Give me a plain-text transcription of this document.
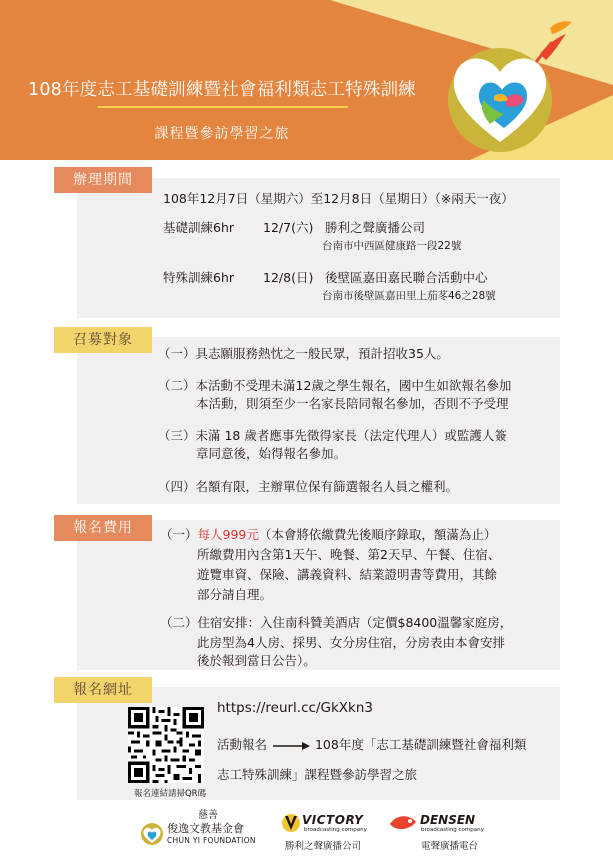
108年度志工基礎訓練暨社會福利類志工特殊訓練
課程暨參訪學習之旅
辦理期間
108年12月7日（星期六）至12月8日（星期日）（※兩天一夜）
基礎訓練6hr 12/7(六) 勝利之聲廣播公司
台南市中西區健康路一段22號
特殊訓練6hr 12/8(日) 後壁區嘉田嘉民聯合活動中心
台南市後壁區嘉田里上茄苳46之28號
召募對象
（一）具志願服務熱忱之一般民眾，預計招收35人。
（二）本活動不受理未滿12歲之學生報名，國中生如欲報名參加
本活動，則須至少一名家長陪同報名參加，否則不予受理
（三）未滿 18 歲者應事先徵得家長（法定代理人）或監護人簽
章同意後，始得報名參加。
（四）名額有限，主辦單位保有篩選報名人員之權利。
報名費用	（一）每人999元（本會將依繳費先後順序錄取，額滿為止）
所繳費用內含第1天午、晚餐、第2天早、午餐、住宿、
遊覽車資、保險、講義資料、結業證明書等費用，其餘
部分請自理。
（二）住宿安排：入住南科贊美酒店（定價$8400溫馨家庭房，
此房型為4人房、採男、女分房住宿，分房表由本會安排
後於報到當日公告）。
報名網址
報名連結請掃QR碼
https://reurl.cc/GkXkn3
活動報名	108年度「志工基礎訓練暨社會福利類
志工特殊訓練」課程暨參訪學習之旅
慈善
俊逸文教基金會
CHUN YI FOUNDATION
VICTORY
broadcasting company
勝利之聲廣播公司
DENSEN
broadcasting company
電聲廣播電台
